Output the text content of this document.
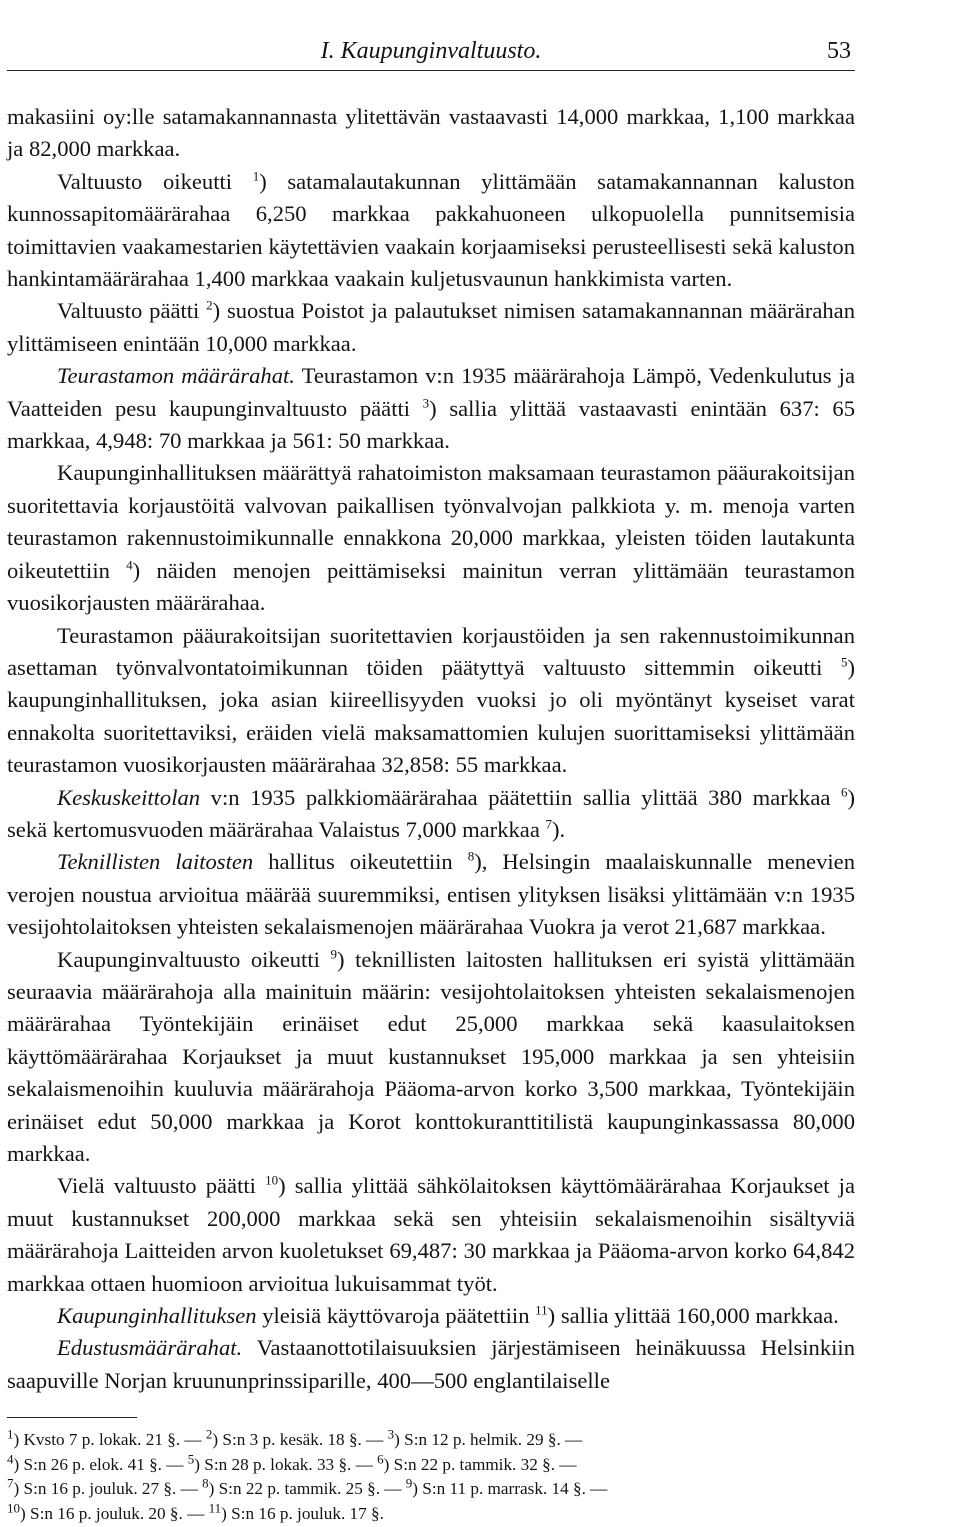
I. Kaupunginvaltuusto.	53

makasiini oy:lle satamakannannasta ylitettävän vastaavasti 14,000 markkaa, 1,100 markkaa ja 82,000 markkaa.

Valtuusto oikeutti $^1$) satamalautakunnan ylittämään satamakannannan kaluston kunnossapitomäärärahaa 6,250 markkaa pakkahuoneen ulkopuolella punnitsemisia toimittavien vaakamestarien käytettävien vaakain korjaamiseksi perusteellisesti sekä kaluston hankintamäärärahaa 1,400 markkaa vaakain kuljetusvaunun hankkimista varten.

Valtuusto päätti $^2$) suostua Poistot ja palautukset nimisen satamakannannan määrärahan ylittämiseen enintään 10,000 markkaa.

Teurastamon määrärahat. Teurastamon v:n 1935 määrärahoja Lämpö, Vedenkulutus ja Vaatteiden pesu kaupunginvaltuusto päätti $^3$) sallia ylittää vastaavasti enintään 637: 65 markkaa, 4,948: 70 markkaa ja 561: 50 markkaa.

Kaupunginhallituksen määrättyä rahatoimiston maksamaan teurastamon pääurakoitsijan suoritettavia korjaustöitä valvovan paikallisen työnvalvojan palkkiota y. m. menoja varten teurastamon rakennustoimikunnalle ennakkona 20,000 markkaa, yleisten töiden lautakunta oikeutettiin $^4$) näiden menojen peittämiseksi mainitun verran ylittämään teurastamon vuosikorjausten määrärahaa.

Teurastamon pääurakoitsijan suoritettavien korjaustöiden ja sen rakennustoimikunnan asettaman työnvalvontatoimikunnan töiden päätyttyä valtuusto sittemmin oikeutti $^5$) kaupunginhallituksen, joka asian kiireellisyyden vuoksi jo oli myöntänyt kyseiset varat ennakolta suoritettaviksi, eräiden vielä maksamattomien kulujen suorittamiseksi ylittämään teurastamon vuosikorjausten määrärahaa 32,858: 55 markkaa.

Keskuskeittolan v:n 1935 palkkiomäärärahaa päätettiin sallia ylittää 380 markkaa $^6$) sekä kertomusvuoden määrärahaa Valaistus 7,000 markkaa $^7$).

Teknillisten laitosten hallitus oikeutettiin $^8$), Helsingin maalaiskunnalle menevien verojen noustua arvioitua määrää suuremmiksi, entisen ylityksen lisäksi ylittämään v:n 1935 vesijohtolaitoksen yhteisten sekalaismenojen määrärahaa Vuokra ja verot 21,687 markkaa.

Kaupunginvaltuusto oikeutti $^9$) teknillisten laitosten hallituksen eri syistä ylittämään seuraavia määrärahoja alla mainituin määrin: vesijohtolaitoksen yhteisten sekalaismenojen määrärahaa Työntekijäin erinäiset edut 25,000 markkaa sekä kaasulaitoksen käyttömäärärahaa Korjaukset ja muut kustannukset 195,000 markkaa ja sen yhteisiin sekalaismenoihin kuuluvia määrärahoja Pääoma-arvon korko 3,500 markkaa, Työntekijäin erinäiset edut 50,000 markkaa ja Korot konttokuranttitilistä kaupunginkassassa 80,000 markkaa.

Vielä valtuusto päätti $^{10}$) sallia ylittää sähkölaitoksen käyttömäärärahaa Korjaukset ja muut kustannukset 200,000 markkaa sekä sen yhteisiin sekalaismenoihin sisältyviä määrärahoja Laitteiden arvon kuoletukset 69,487: 30 markkaa ja Pääoma-arvon korko 64,842 markkaa ottaen huomioon arvioitua lukuisammat työt.

Kaupunginhallituksen yleisiä käyttövaroja päätettiin $^{11}$) sallia ylittää 160,000 markkaa.

Edustusmäärärahat. Vastaanottotilaisuuksien järjestämiseen heinäkuussa Helsinkiin saapuville Norjan kruununprinssiparille, 400—500 englantilaiselle

$^1$) Kvsto 7 p. lokak. 21 §. — $^2$) S:n 3 p. kesäk. 18 §. — $^3$) S:n 12 p. helmik. 29 §. —

$^4$) S:n 26 p. elok. 41 §. — $^5$) S:n 28 p. lokak. 33 §. — $^6$) S:n 22 p. tammik. 32 §. —

$^7$) S:n 16 p. jouluk. 27 §. — $^8$) S:n 22 p. tammik. 25 §. — $^9$) S:n 11 p. marrask. 14 §. —

$^{10}$) S:n 16 p. jouluk. 20 §. — $^{11}$) S:n 16 p. jouluk. 17 §.
